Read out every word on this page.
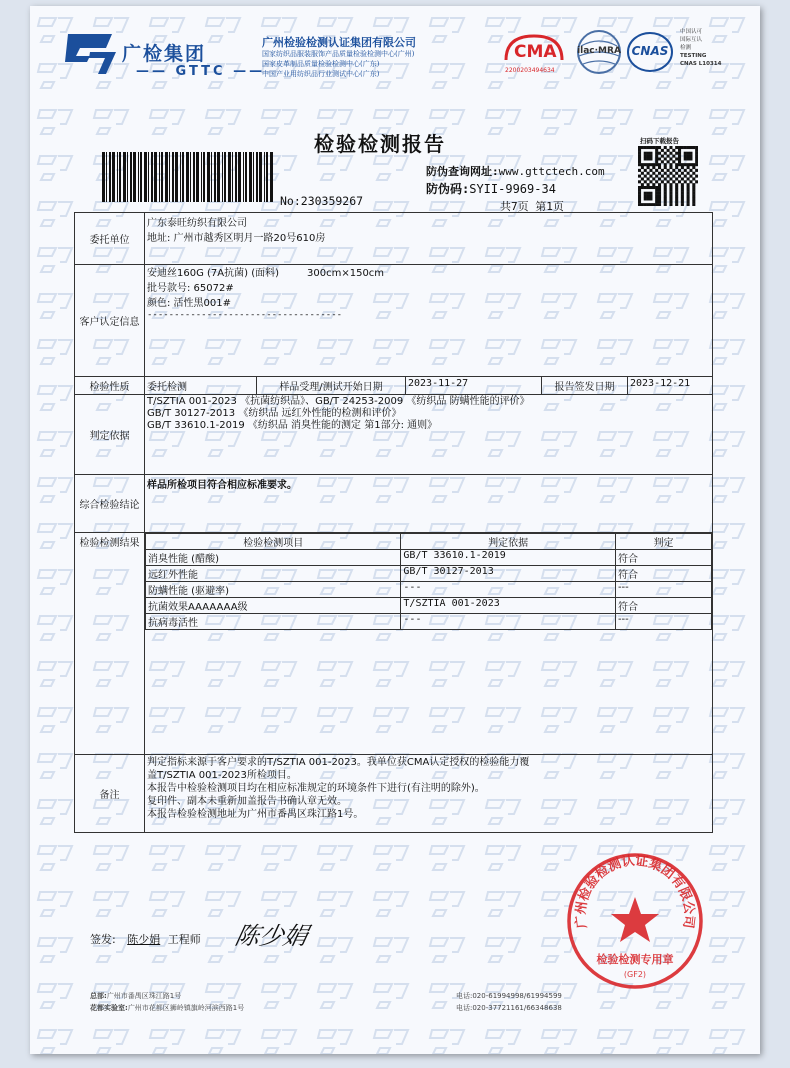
广检集团
—— GTTC ——
广州检验检测认证集团有限公司
国家纺织品服装服饰产品质量检验检测中心(广州)
国家皮革制品质量检验检测中心(广东)
中国产业用纺织品行业测试中心(广东)
CMA
2200203494634
ilac·MRA CNAS
中国认可
国际互认
检测
TESTING
CNAS L10314
检验检测报告
No:230359267
防伪查询网址:www.gttctech.com
防伪码:SYII-9969-34
共7页 第1页
扫码下载报告
委托单位	
广东泰旺纺织有限公司
地址: 广州市越秀区明月一路20号610房

客户认定信息	
安迪丝160G (7A抗菌) (面料)	300cm×150cm
批号款号: 65072#
颜色: 活性黑001#
------------------------------------

检验性质	委托检测	样品受理/测试开始日期	2023-11-27	报告签发日期	2023-12-21
判定依据	
T/SZTIA 001-2023 《抗菌纺织品》、GB/T 24253-2009 《纺织品 防螨性能的评价》
GB/T 30127-2013 《纺织品 远红外性能的检测和评价》
GB/T 33610.1-2019 《纺织品 消臭性能的测定 第1部分: 通则》

综合检验结论	样品所检项目符合相应标准要求。
检验检测结果		检验检测项目	判定依据	判定
消臭性能 (醋酸)	GB/T 33610.1-2019	符合
远红外性能	GB/T 30127-2013	符合
防螨性能 (驱避率)	---	---
抗菌效果AAAAAAA级	T/SZTIA 001-2023	符合
抗病毒活性	---	---

备注	
判定指标来源于客户要求的T/SZTIA 001-2023。我单位获CMA认定授权的检验能力覆
盖T/SZTIA 001-2023所检项目。
本报告中检验检测项目均在相应标准规定的环境条件下进行(有注明的除外)。
复印件、副本未重新加盖报告书确认章无效。
本报告检验检测地址为广州市番禺区珠江路1号。
签发: 陈少娟 工程师 陈少娟
广州检验检测认证集团有限公司
检验检测专用章
(GF2)
总部:广州市番禺区珠江路1号
花都实验室:广州市花都区狮岭镇旗岭河滨西路1号
电话:020-61994998/61994599
电话:020-37721161/66348638
